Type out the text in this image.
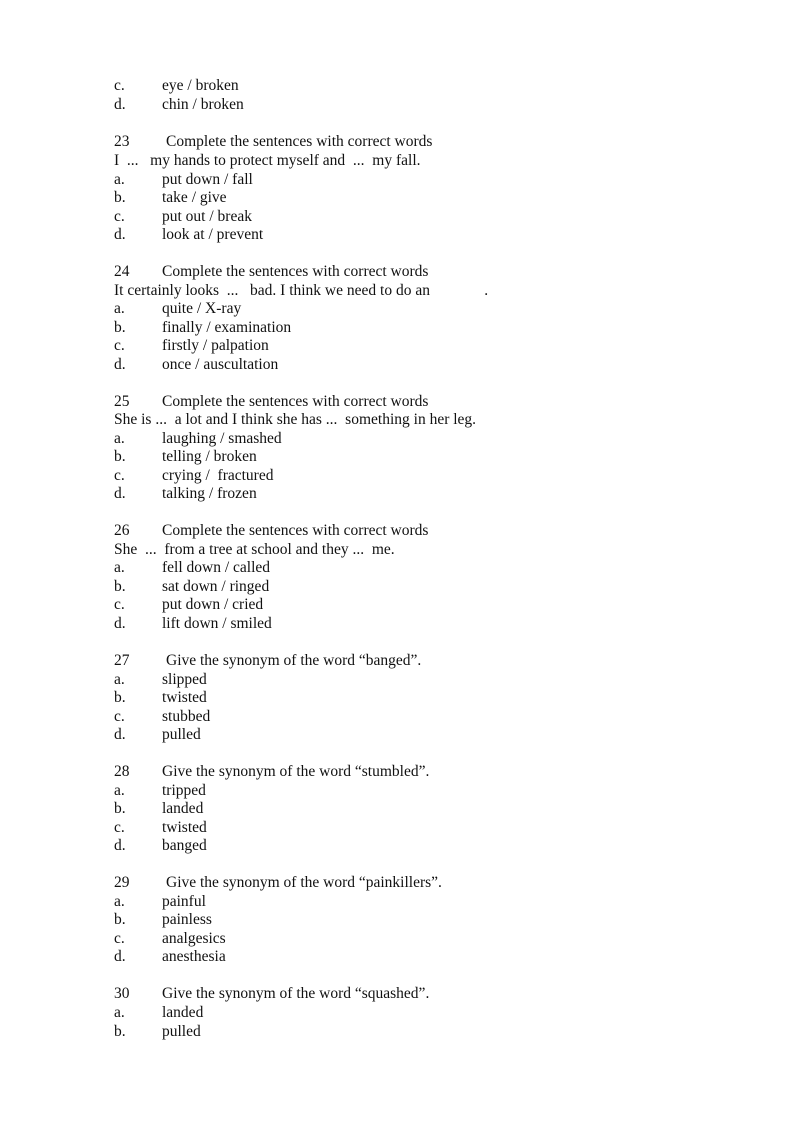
c.

eye / broken

d.

chin / broken

23

Complete the sentences with correct words

I  ...   my hands to protect myself and  ...  my fall.

a.

put down / fall

b.

take / give

c.

put out / break

d.

look at / prevent

24

Complete the sentences with correct words

It certainly looks  ...   bad. I think we need to do an              .

a.

quite / X-ray

b.

finally / examination

c.

firstly / palpation

d.

once / auscultation

25

Complete the sentences with correct words

She is ...  a lot and I think she has ...  something in her leg.

a.

laughing / smashed

b.

telling / broken

c.

crying /  fractured

d.

talking / frozen

26

Complete the sentences with correct words

She  ...  from a tree at school and they ...  me.

a.

fell down / called

b.

sat down / ringed

c.

put down / cried

d.

lift down / smiled

27

Give the synonym of the word “banged”.

a.

slipped

b.

twisted

c.

stubbed

d.

pulled

28

Give the synonym of the word “stumbled”.

a.

tripped

b.

landed

c.

twisted

d.

banged

29

Give the synonym of the word “painkillers”.

a.

painful

b.

painless

c.

analgesics

d.

anesthesia

30

Give the synonym of the word “squashed”.

a.

landed

b.

pulled
